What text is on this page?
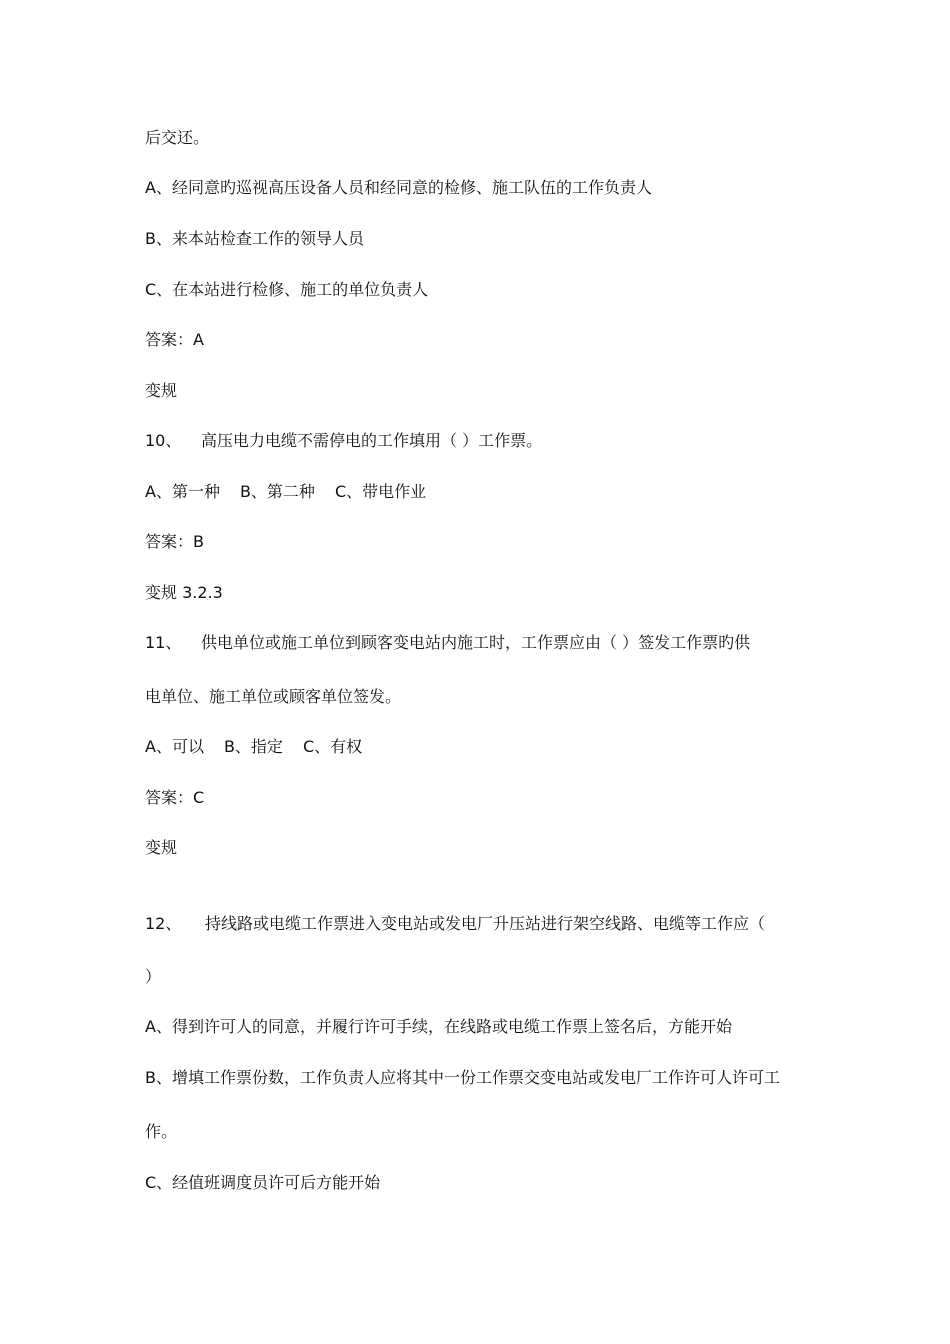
后交还。
A、经同意旳巡视高压设备人员和经同意的检修、施工队伍的工作负责人
B、来本站检查工作的领导人员
C、在本站进行检修、施工的单位负责人
答案：A
变规
10、 高压电力电缆不需停电的工作填用（ ）工作票。
A、第一种 B、第二种 C、带电作业
答案：B
变规 3.2.3
11、 供电单位或施工单位到顾客变电站内施工时，工作票应由（ ）签发工作票旳供
电单位、施工单位或顾客单位签发。
A、可以 B、指定 C、有权
答案：C
变规
12、 持线路或电缆工作票进入变电站或发电厂升压站进行架空线路、电缆等工作应（
）
A、得到许可人的同意，并履行许可手续，在线路或电缆工作票上签名后，方能开始
B、增填工作票份数，工作负责人应将其中一份工作票交变电站或发电厂工作许可人许可工
作。
C、经值班调度员许可后方能开始
